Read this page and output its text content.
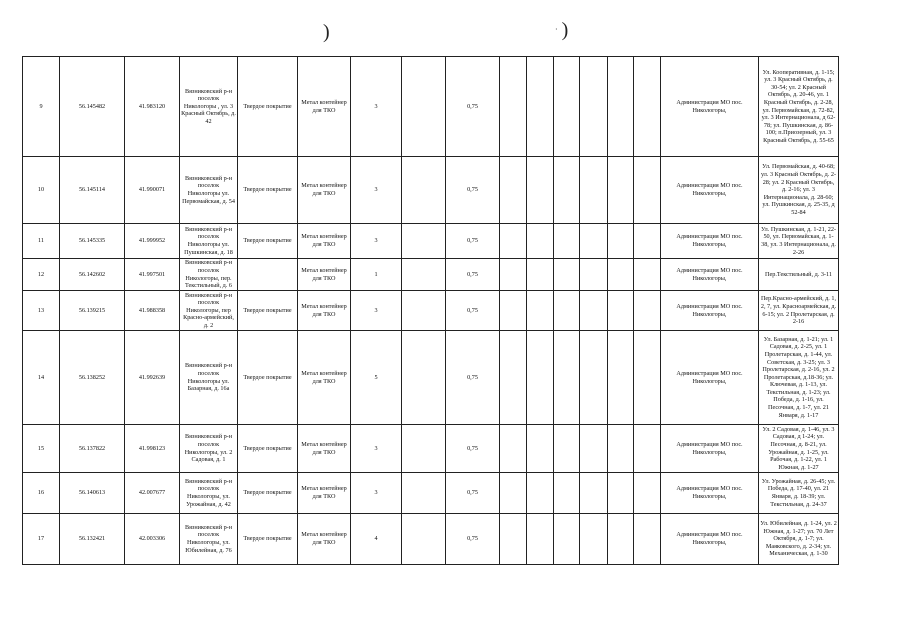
)	· )
9	56.145482	41.983120	Вязниковский р-н поселок Никологоры , ул. 3 Красный Октябрь, д. 42	Твердое покрытие	Метал контейнер для ТКО	3		0,75							Администрация МО пос. Никологоры,	Ул. Кооперативная, д. 1-15; ул. 3 Красный Октябрь, д. 30-54; ул. 2 Красный Октябрь, д. 20-46, ул. 1 Красный Октябрь, д. 2-28, ул. Первомайская, д. 72-82, ул. 3 Интернационала, д 62-78; ул. Пушкинская, д. 86-100; п.Приозерный, ул. 3 Красный Октябрь, д. 55-65
10	56.145114	41.990071	Вязниковский р-н поселок Никологоры ул. Первомайская, д. 54	Твердое покрытие	Метал контейнер для ТКО	3		0,75							Администрация МО пос. Никологоры,	Ул. Первомайская, д. 40-68; ул. 3 Красный Октябрь, д. 2-28; ул. 2 Красный Октябрь, д. 2-16; ул. 3 Интернационала, д. 28-60; ул. Пушкинская, д. 25-35, д 52-84
11	56.145335	41.999952	Вязниковский р-н поселок Никологоры ул. Пушкинская, д. 18	Твердое покрытие	Метал контейнер для ТКО	3		0,75							Администрация МО пос. Никологоры,	Ул. Пушкинская, д. 1-21, 22-50, ул. Первомайская, д. 1-38, ул. 3 Интернационала, д. 2-26
12	56.142602	41.997501	Вязниковский р-н поселок Никологоры, пер. Текстильный, д. 6		Метал контейнер для ТКО	1		0,75							Администрация МО пос. Никологоры,	Пер.Текстильный, д. 3-11
13	56.139215	41.988358	Вязниковский р-н поселок Никологоры, пер Красно-армейский, д. 2	Твердое покрытие	Метал контейнер для ТКО	3		0,75							Администрация МО пос. Никологоры,	Пер.Красно-армейский, д. 1, 2, 7, ул. Красноармейская, д. 6-15; ул. 2 Пролетарская, д. 2-16
14	56.138252	41.992639	Вязниковский р-н поселок Никологоры ул. Базарная, д. 16а	Твердое покрытие	Метал контейнер для ТКО	5		0,75							Администрация МО пос. Никологоры,	Ул. Базарная, д. 1-21; ул. 1 Садовая, д. 2-25, ул. 1 Пролетарская, д. 1-44, ул. Советская, д. 3-25; ул. 3 Пролетарская, д. 2-16, ул. 2 Пролетарская, д.18-36; ул. Ключевая, д. 1-13, ул. Текстильная, д. 1-23; ул. Победа, д. 1-16, ул. Песочная, д. 1-7, ул. 21 Января, д. 1-17
15	56.137822	41.998123	Вязниковский р-н поселок Никологоры, ул. 2 Садовая, д. 1	Твердое покрытие	Метал контейнер для ТКО	3		0,75							Администрация МО пос. Никологоры,	Ул. 2 Садовая, д. 1-46, ул. 3 Садовая, д 1-24; ул. Песочная, д. 8-21, ул. Урожайная, д. 1-25, ул. Рабочая, д. 1-22, ул. 1 Южная, д. 1-27
16	56.140613	42.007677	Вязниковский р-н поселок Никологоры, ул. Урожайная, д. 42	Твердое покрытие	Метал контейнер для ТКО	3		0,75							Администрация МО пос. Никологоры,	Ул. Урожайная, д. 26-45; ул. Победа, д. 17-40, ул. 21 Января, д. 18-39; ул. Текстильная, д. 24-37
17	56.132421	42.003306	Вязниковский р-н поселок Никологоры, ул. Юбилейная, д. 76	Твердое покрытие	Метал контейнер для ТКО	4		0,75							Администрация МО пос. Никологоры,	Ул. Юбилейная, д. 1-24, ул. 2 Южная, д. 1-27; ул. 70 Лет Октября, д. 1-7; ул. Маяковского, д. 2-34; ул. Механическая, д. 1-30
